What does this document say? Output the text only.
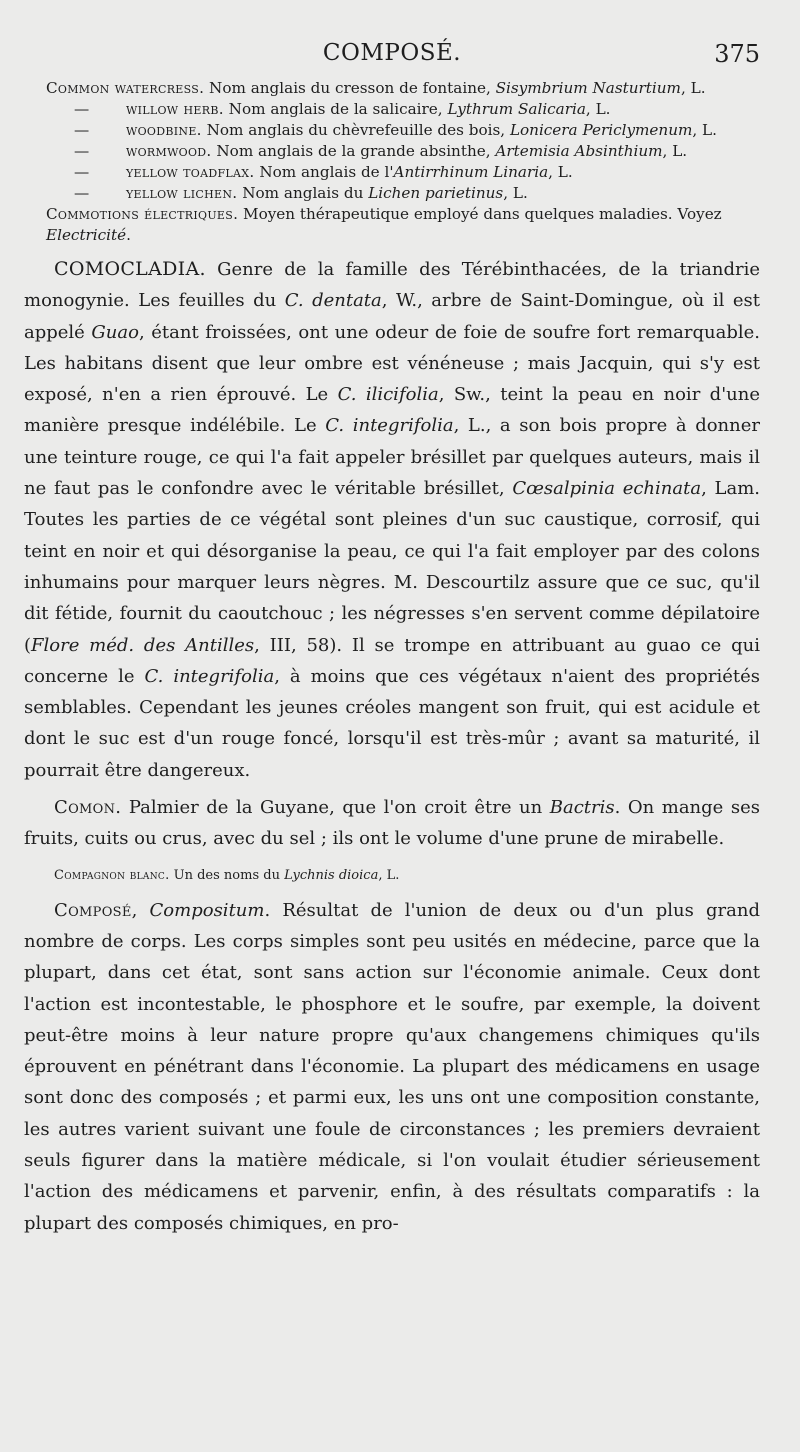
COMPOSÉ.	375

Common watercress. Nom anglais du cresson de fontaine, Sisymbrium Nasturtium, L.

—	willow herb. Nom anglais de la salicaire, Lythrum Salicaria, L.

—	woodbine. Nom anglais du chèvrefeuille des bois, Lonicera Periclymenum, L.

—	wormwood. Nom anglais de la grande absinthe, Artemisia Absinthium, L.

—	yellow toadflax. Nom anglais de l'Antirrhinum Linaria, L.

—	yellow lichen. Nom anglais du Lichen parietinus, L.

Commotions électriques. Moyen thérapeutique employé dans quelques maladies. Voyez Electricité.

COMOCLADIA. Genre de la famille des Térébinthacées, de la triandrie monogynie. Les feuilles du C. dentata, W., arbre de Saint-Domingue, où il est appelé Guao, étant froissées, ont une odeur de foie de soufre fort remarquable. Les habitans disent que leur ombre est vénéneuse ; mais Jacquin, qui s'y est exposé, n'en a rien éprouvé. Le C. ilicifolia, Sw., teint la peau en noir d'une manière presque indélébile. Le C. integrifolia, L., a son bois propre à donner une teinture rouge, ce qui l'a fait appeler brésillet par quelques auteurs, mais il ne faut pas le confondre avec le véritable brésillet, Cœsalpinia echinata, Lam. Toutes les parties de ce végétal sont pleines d'un suc caustique, corrosif, qui teint en noir et qui désorganise la peau, ce qui l'a fait employer par des colons inhumains pour marquer leurs nègres. M. Descourtilz assure que ce suc, qu'il dit fétide, fournit du caoutchouc ; les négresses s'en servent comme dépilatoire (Flore méd. des Antilles, III, 58). Il se trompe en attribuant au guao ce qui concerne le C. integrifolia, à moins que ces végétaux n'aient des propriétés semblables. Cependant les jeunes créoles mangent son fruit, qui est acidule et dont le suc est d'un rouge foncé, lorsqu'il est très-mûr ; avant sa maturité, il pourrait être dangereux.

Comon. Palmier de la Guyane, que l'on croit être un Bactris. On mange ses fruits, cuits ou crus, avec du sel ; ils ont le volume d'une prune de mirabelle.

Compagnon blanc. Un des noms du Lychnis dioica, L.

Composé, Compositum. Résultat de l'union de deux ou d'un plus grand nombre de corps. Les corps simples sont peu usités en médecine, parce que la plupart, dans cet état, sont sans action sur l'économie animale. Ceux dont l'action est incontestable, le phosphore et le soufre, par exemple, la doivent peut-être moins à leur nature propre qu'aux changemens chimiques qu'ils éprouvent en pénétrant dans l'économie. La plupart des médicamens en usage sont donc des composés ; et parmi eux, les uns ont une composition constante, les autres varient suivant une foule de circonstances ; les premiers devraient seuls figurer dans la matière médicale, si l'on voulait étudier sérieusement l'action des médicamens et parvenir, enfin, à des résultats comparatifs : la plupart des composés chimiques, en pro-
